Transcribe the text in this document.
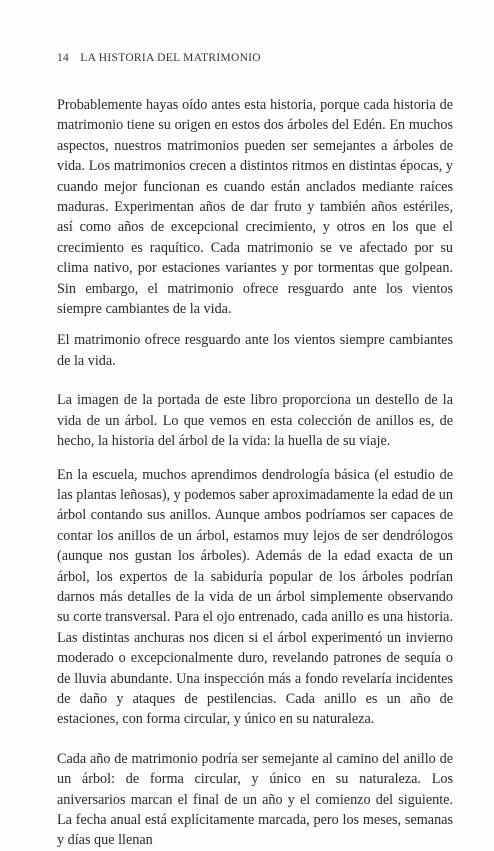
14 LA HISTORIA DEL MATRIMONIO

Probablemente hayas oído antes esta historia, porque cada historia de matrimonio tiene su origen en estos dos árboles del Edén. En muchos aspectos, nuestros matrimonios pueden ser semejantes a árboles de vida. Los matrimonios crecen a distintos ritmos en distintas épocas, y cuando mejor funcionan es cuando están anclados mediante raíces maduras. Experimentan años de dar fruto y también años estériles, así como años de excepcional crecimiento, y otros en los que el crecimiento es raquítico. Cada matrimonio se ve afectado por su clima nativo, por estaciones variantes y por tormentas que golpean. Sin embargo, el matrimonio ofrece resguardo ante los vientos siempre cambiantes de la vida.

El matrimonio ofrece resguardo ante los vientos siempre cambiantes de la vida.

La imagen de la portada de este libro proporciona un destello de la vida de un árbol. Lo que vemos en esta colección de anillos es, de hecho, la historia del árbol de la vida: la huella de su viaje.

En la escuela, muchos aprendimos dendrología básica (el estudio de las plantas leñosas), y podemos saber aproximadamente la edad de un árbol contando sus anillos. Aunque ambos podríamos ser capaces de contar los anillos de un árbol, estamos muy lejos de ser dendrólogos (aunque nos gustan los árboles). Además de la edad exacta de un árbol, los expertos de la sabiduría popular de los árboles podrían darnos más detalles de la vida de un árbol simplemente observando su corte transversal. Para el ojo entrenado, cada anillo es una historia. Las distintas anchuras nos dicen si el árbol experimentó un invierno moderado o excepcionalmente duro, revelando patrones de sequía o de lluvia abundante. Una inspección más a fondo revelaría incidentes de daño y ataques de pestilencias. Cada anillo es un año de estaciones, con forma circular, y único en su naturaleza.

Cada año de matrimonio podría ser semejante al camino del anillo de un árbol: de forma circular, y único en su naturaleza. Los aniversarios marcan el final de un año y el comienzo del siguiente. La fecha anual está explícitamente marcada, pero los meses, semanas y días que llenan
